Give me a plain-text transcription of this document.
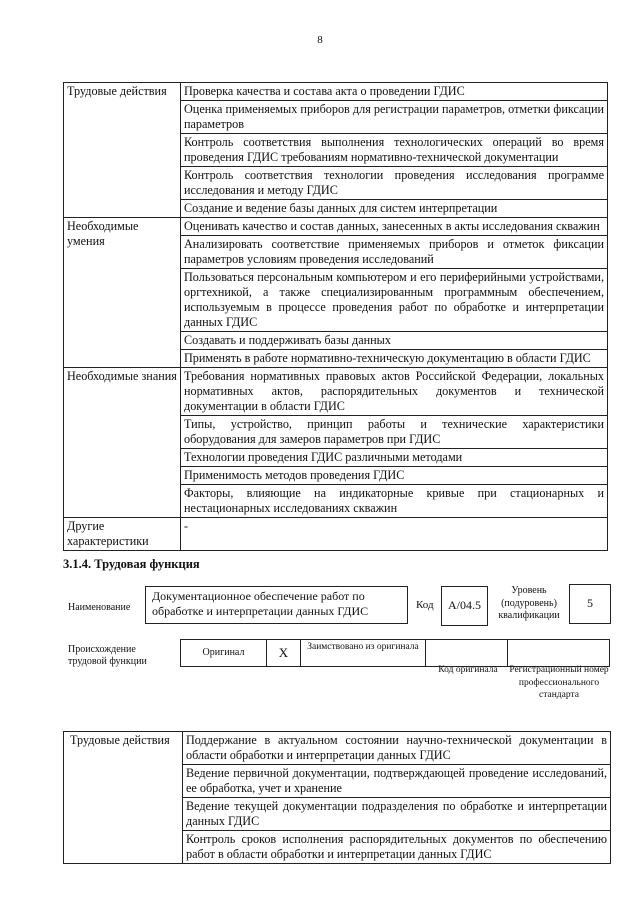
8
Трудовые действия	Проверка качества и состава акта о проведении ГДИС
	Оценка применяемых приборов для регистрации параметров, отметки фиксации параметров
	Контроль соответствия выполнения технологических операций во время проведения ГДИС требованиям нормативно-технической документации
	Контроль соответствия технологии проведения исследования программе исследования и методу ГДИС
	Создание и ведение базы данных для систем интерпретации
Необходимые умения	Оценивать качество и состав данных, занесенных в акты исследования скважин
	Анализировать соответствие применяемых приборов и отметок фиксации параметров условиям проведения исследований
	Пользоваться персональным компьютером и его периферийными устройствами, оргтехникой, а также специализированным программным обеспечением, используемым в процессе проведения работ по обработке и интерпретации данных ГДИС
	Создавать и поддерживать базы данных
	Применять в работе нормативно-техническую документацию в области ГДИС
Необходимые знания	Требования нормативных правовых актов Российской Федерации, локальных нормативных актов, распорядительных документов и технической документации в области ГДИС
	Типы, устройство, принцип работы и технические характеристики оборудования для замеров параметров при ГДИС
	Технологии проведения ГДИС различными методами
	Применимость методов проведения ГДИС
	Факторы, влияющие на индикаторные кривые при стационарных и нестационарных исследованиях скважин
Другие характеристики	-
3.1.4. Трудовая функция
Наименование
Документационное обеспечение работ по обработке и интерпретации данных ГДИС	Код	А/04.5
Уровень (подуровень) квалификации
5
Происхождение трудовой функции
Оригинал	X	Заимствовано из оригинала
Код оригинала	Регистрационный номер профессионального стандарта
Трудовые действия	Поддержание в актуальном состоянии научно-технической документации в области обработки и интерпретации данных ГДИС
Ведение первичной документации, подтверждающей проведение исследований, ее обработка, учет и хранение
Ведение текущей документации подразделения по обработке и интерпретации данных ГДИС
Контроль сроков исполнения распорядительных документов по обеспечению работ в области обработки и интерпретации данных ГДИС
